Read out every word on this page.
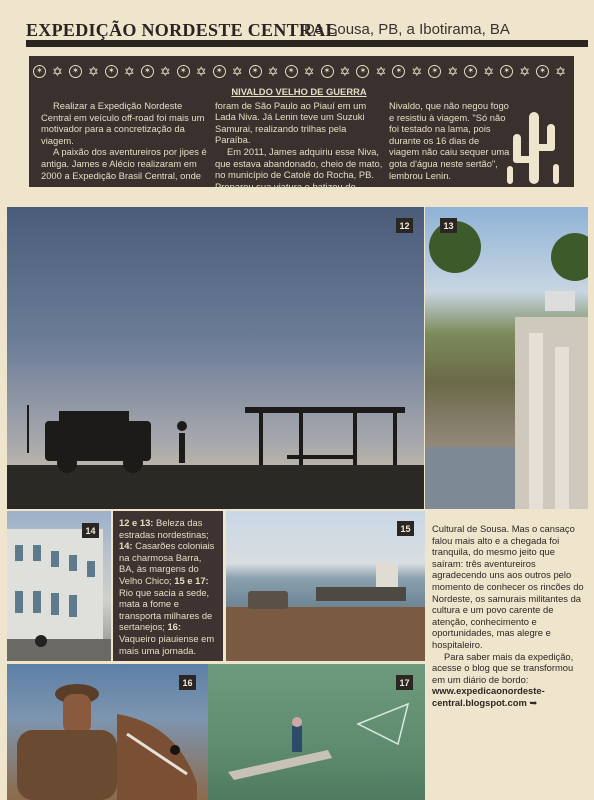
EXPEDIÇÃO NORDESTE CENTRAL
De Sousa, PB, a Ibotirama, BA
✶ ✡	✶ ✡	✶ ✡	✶ ✡	✶ ✡	✶ ✡	✶ ✡	✶ ✡	✶ ✡	✶ ✡	✶ ✡	✶ ✡	✶ ✡	✶ ✡	✶ ✡

Realizar a Expedição Nordeste Central em veículo off-road foi mais um motivador para a concretização da viagem.

A paixão dos aventureiros por jipes é antiga. James e Alécio realizaram em 2000 a Expedição Brasil Central, onde

NIVALDO VELHO DE GUERRA

foram de São Paulo ao Piauí em um Lada Niva. Já Lenin teve um Suzuki Samurai, realizando trilhas pela Paraíba.

Em 2011, James adquiriu esse Niva, que estava abandonado, cheio de mato, no município de Catolé do Rocha, PB. Preparou sua viatura e batizou de

Nivaldo, que não negou fogo e resistiu à viagem. "Só não foi testado na lama, pois durante os 16 dias de viagem não caiu sequer uma gota d'água neste sertão", lembrou Lenin.

12	13
14
12 e 13: Beleza das estradas nordestinas; 14: Casarões coloniais na charmosa Barra, BA, às margens do Velho Chico; 15 e 17: Rio que sacia a sede, mata a fome e transporta milhares de sertanejos; 16: Vaqueiro piauiense em mais uma jornada.
15	Cultural de Sousa. Mas o cansaço falou mais alto e a chegada foi tranquila, do mesmo jeito que saíram: três aventureiros agradecendo uns aos outros pelo momento de conhecer os rincões do Nordeste, os samurais militantes da cultura e um povo carente de atenção, conhecimento e oportunidades, mas alegre e hospitaleiro.

Para saber mais da expedição, acesse o blog que se transformou em um diário de bordo: www.expedicaonordeste-central.blogspot.com ➥

16	17
